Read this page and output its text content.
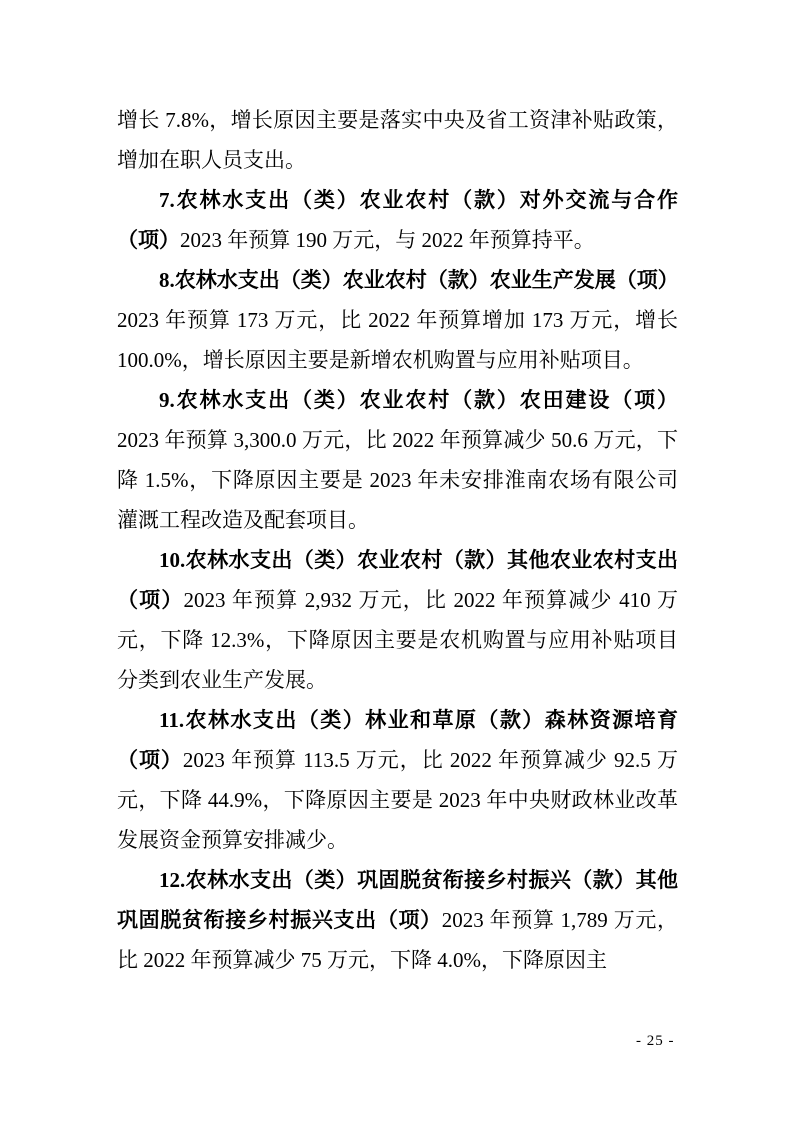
增长 7.8%，增长原因主要是落实中央及省工资津补贴政策，增加在职人员支出。

7.农林水支出（类）农业农村（款）对外交流与合作（项）2023 年预算 190 万元，与 2022 年预算持平。

8.农林水支出（类）农业农村（款）农业生产发展（项）2023 年预算 173 万元，比 2022 年预算增加 173 万元，增长 100.0%，增长原因主要是新增农机购置与应用补贴项目。

9.农林水支出（类）农业农村（款）农田建设（项）2023 年预算 3,300.0 万元，比 2022 年预算减少 50.6 万元，下降 1.5%，下降原因主要是 2023 年未安排淮南农场有限公司灌溉工程改造及配套项目。

10.农林水支出（类）农业农村（款）其他农业农村支出（项）2023 年预算 2,932 万元，比 2022 年预算减少 410 万元，下降 12.3%，下降原因主要是农机购置与应用补贴项目分类到农业生产发展。

11.农林水支出（类）林业和草原（款）森林资源培育（项）2023 年预算 113.5 万元，比 2022 年预算减少 92.5 万元，下降 44.9%，下降原因主要是 2023 年中央财政林业改革发展资金预算安排减少。

12.农林水支出（类）巩固脱贫衔接乡村振兴（款）其他巩固脱贫衔接乡村振兴支出（项）2023 年预算 1,789 万元，比 2022 年预算减少 75 万元，下降 4.0%，下降原因主

- 25 -
